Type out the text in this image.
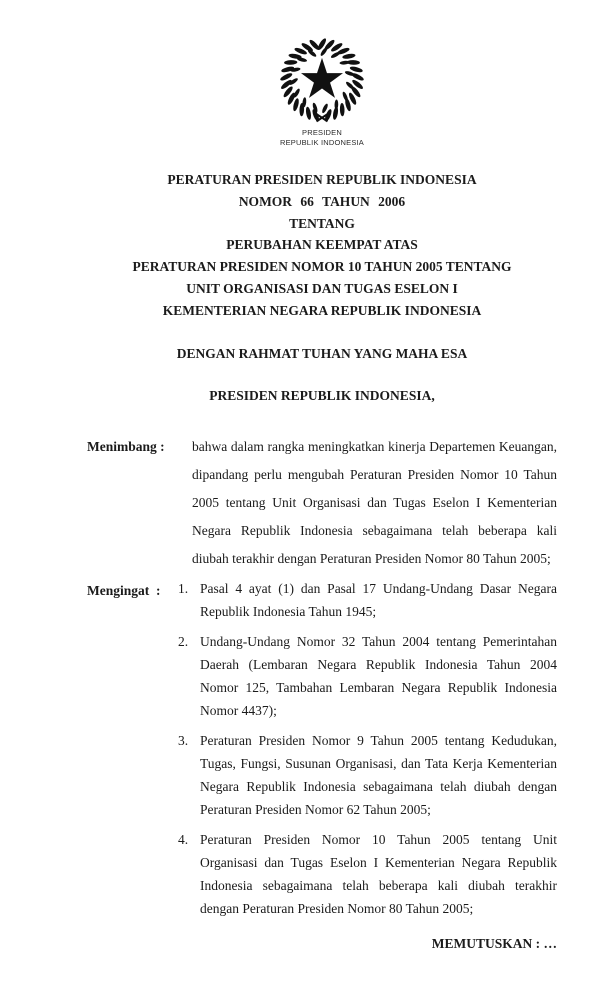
PRESIDEN
REPUBLIK INDONESIA
PERATURAN PRESIDEN REPUBLIK INDONESIA
NOMOR 66 TAHUN 2006
TENTANG
PERUBAHAN KEEMPAT ATAS
PERATURAN PRESIDEN NOMOR 10 TAHUN 2005 TENTANG
UNIT ORGANISASI DAN TUGAS ESELON I
KEMENTERIAN NEGARA REPUBLIK INDONESIA
DENGAN RAHMAT TUHAN YANG MAHA ESA
PRESIDEN REPUBLIK INDONESIA,
Menimbang :	bahwa dalam rangka meningkatkan kinerja Departemen Keuangan, dipandang perlu mengubah Peraturan Presiden Nomor 10 Tahun 2005 tentang Unit Organisasi dan Tugas Eselon I Kementerian Negara Republik Indonesia sebagaimana telah beberapa kali diubah terakhir dengan Peraturan Presiden Nomor 80 Tahun 2005;
Mengingat  :	1. Pasal 4 ayat (1) dan Pasal 17 Undang-Undang Dasar Negara Republik Indonesia Tahun 1945;
2. Undang-Undang Nomor 32 Tahun 2004 tentang Pemerintahan Daerah (Lembaran Negara Republik Indonesia Tahun 2004 Nomor 125, Tambahan Lembaran Negara Republik Indonesia Nomor 4437);
3. Peraturan Presiden Nomor 9 Tahun 2005 tentang Kedudukan, Tugas, Fungsi, Susunan Organisasi, dan Tata Kerja Kementerian Negara Republik Indonesia sebagaimana telah diubah dengan Peraturan Presiden Nomor 62 Tahun 2005;
4. Peraturan Presiden Nomor 10 Tahun 2005 tentang Unit Organisasi dan Tugas Eselon I Kementerian Negara Republik Indonesia sebagaimana telah beberapa kali diubah terakhir dengan Peraturan Presiden Nomor 80 Tahun 2005;
MEMUTUSKAN : …
